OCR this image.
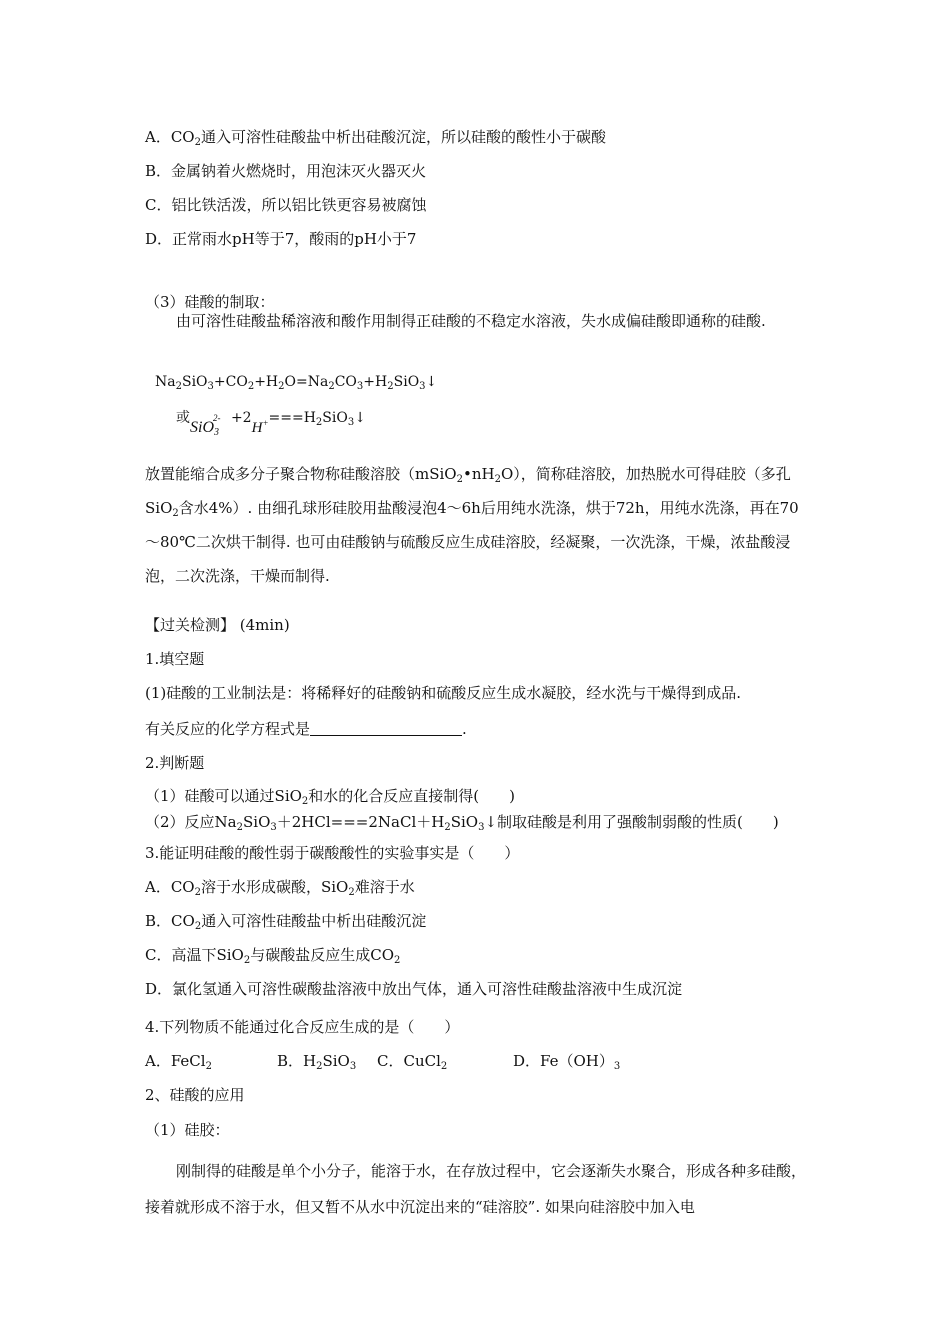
A．$CO_2$通入可溶性硅酸盐中析出硅酸沉淀，所以硅酸的酸性小于碳酸
B．金属钠着火燃烧时，用泡沫灭火器灭火
C．铝比铁活泼，所以铝比铁更容易被腐蚀
D．正常雨水pH等于7，酸雨的pH小于7
（3）硅酸的制取：
由可溶性硅酸盐稀溶液和酸作用制得正硅酸的不稳定水溶液，失水成偏硅酸即通称的硅酸.
$Na_2SiO_3+CO_2+H_2O=Na_2CO_3+H_2SiO_3↓$
或$SiO_3^{2-} +2H^+===H_2SiO_3↓$
放置能缩合成多分子聚合物称硅酸溶胶$(mSiO_2•nH_2O)$，简称硅溶胶，加热脱水可得硅胶（多孔 SiO$_2$含水4%）. 由细孔球形硅胶用盐酸浸泡4～6h后用纯水洗涤，烘于72h，用纯水洗涤，再在70～80℃二次烘干制得. 也可由硅酸钠与硫酸反应生成硅溶胶，经凝聚，一次洗涤，干燥，浓盐酸浸泡，二次洗涤，干燥而制得.
【过关检测】 (4min)
1.填空题
(1)硅酸的工业制法是：将稀释好的硅酸钠和硫酸反应生成水凝胶，经水洗与干燥得到成品.
有关反应的化学方程式是	.
2.判断题
（1）硅酸可以通过SiO$_2$和水的化合反应直接制得(　　)
（2）反应$Na_2SiO_3+2HCl===2NaCl+H_2SiO_3↓$制取硅酸是利用了强酸制弱酸的性质(　　)
3.能证明硅酸的酸性弱于碳酸酸性的实验事实是（　　）
A．$CO_2$溶于水形成碳酸，SiO$_2$难溶于水
B．$CO_2$通入可溶性硅酸盐中析出硅酸沉淀
C．高温下SiO$_2$与碳酸盐反应生成$CO_2$
D．氯化氢通入可溶性碳酸盐溶液中放出气体，通入可溶性硅酸盐溶液中生成沉淀
4.下列物质不能通过化合反应生成的是（　　）
A．FeCl$_2$	B．$H_2SiO_3$ C．CuCl$_2$	D．$Fe(OH)_3$
2、硅酸的应用
（1）硅胶：
刚制得的硅酸是单个小分子，能溶于水，在存放过程中，它会逐渐失水聚合，形成各种多硅酸，接着就形成不溶于水，但又暂不从水中沉淀出来的“硅溶胶”. 如果向硅溶胶中加入电
